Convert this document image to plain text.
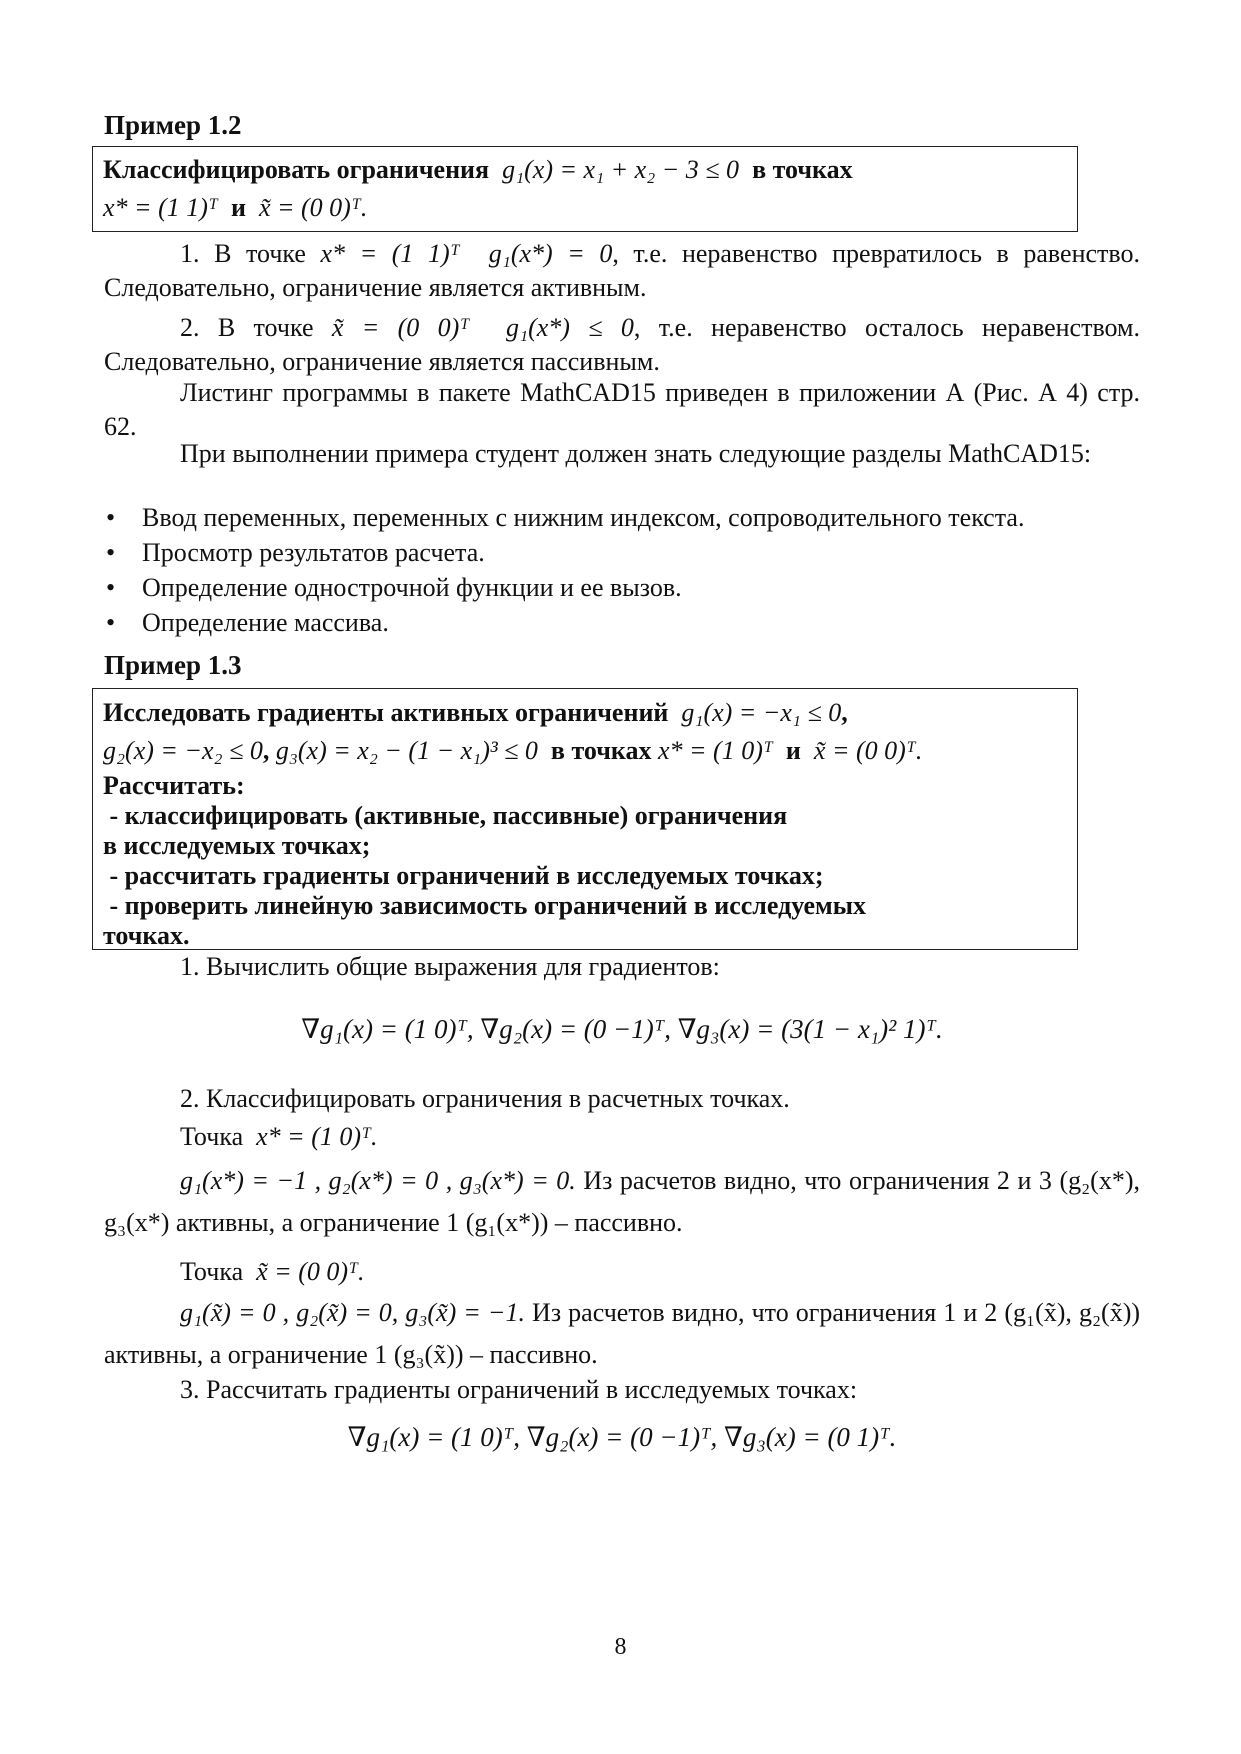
Пример 1.2
Классифицировать ограничения g₁(x) = x₁ + x₂ − 3 ≤ 0 в точках
x* = (1 1)ᵀ и x̃ = (0 0)ᵀ.
1. В точке x* = (1 1)ᵀ g₁(x*) = 0, т.е. неравенство превратилось в равенство. Следовательно, ограничение является активным.
2. В точке x̃ = (0 0)ᵀ g₁(x*) ≤ 0, т.е. неравенство осталось неравенством. Следовательно, ограничение является пассивным.
Листинг программы в пакете MathCAD15 приведен в приложении А (Рис. А 4) стр. 62.
При выполнении примера студент должен знать следующие разделы MathCAD15:
• Ввод переменных, переменных с нижним индексом, сопроводительного текста.
• Просмотр результатов расчета.
• Определение однострочной функции и ее вызов.
• Определение массива.
Пример 1.3
Исследовать градиенты активных ограничений g₁(x) = −x₁ ≤ 0,
g₂(x) = −x₂ ≤ 0, g₃(x) = x₂ − (1 − x₁)³ ≤ 0 в точках x* = (1 0)ᵀ и x̃ = (0 0)ᵀ.
Рассчитать:
- классифицировать (активные, пассивные) ограничения
в исследуемых точках;
- рассчитать градиенты ограничений в исследуемых точках;
- проверить линейную зависимость ограничений в исследуемых
точках.
1. Вычислить общие выражения для градиентов:
∇g₁(x) = (1 0)ᵀ, ∇g₂(x) = (0 −1)ᵀ, ∇g₃(x) = (3(1 − x₁)² 1)ᵀ.
2. Классифицировать ограничения в расчетных точках.
Точка x* = (1 0)ᵀ.
g₁(x*) = −1 , g₂(x*) = 0 , g₃(x*) = 0. Из расчетов видно, что ограничения 2 и 3 (g₂(x*), g₃(x*) активны, а ограничение 1 (g₁(x*)) – пассивно.
Точка x̃ = (0 0)ᵀ.
g₁(x̃) = 0 , g₂(x̃) = 0, g₃(x̃) = −1. Из расчетов видно, что ограничения 1 и 2 (g₁(x̃), g₂(x̃)) активны, а ограничение 1 (g₃(x̃)) – пассивно.
3. Рассчитать градиенты ограничений в исследуемых точках:
∇g₁(x) = (1 0)ᵀ, ∇g₂(x) = (0 −1)ᵀ, ∇g₃(x) = (0 1)ᵀ.
8
